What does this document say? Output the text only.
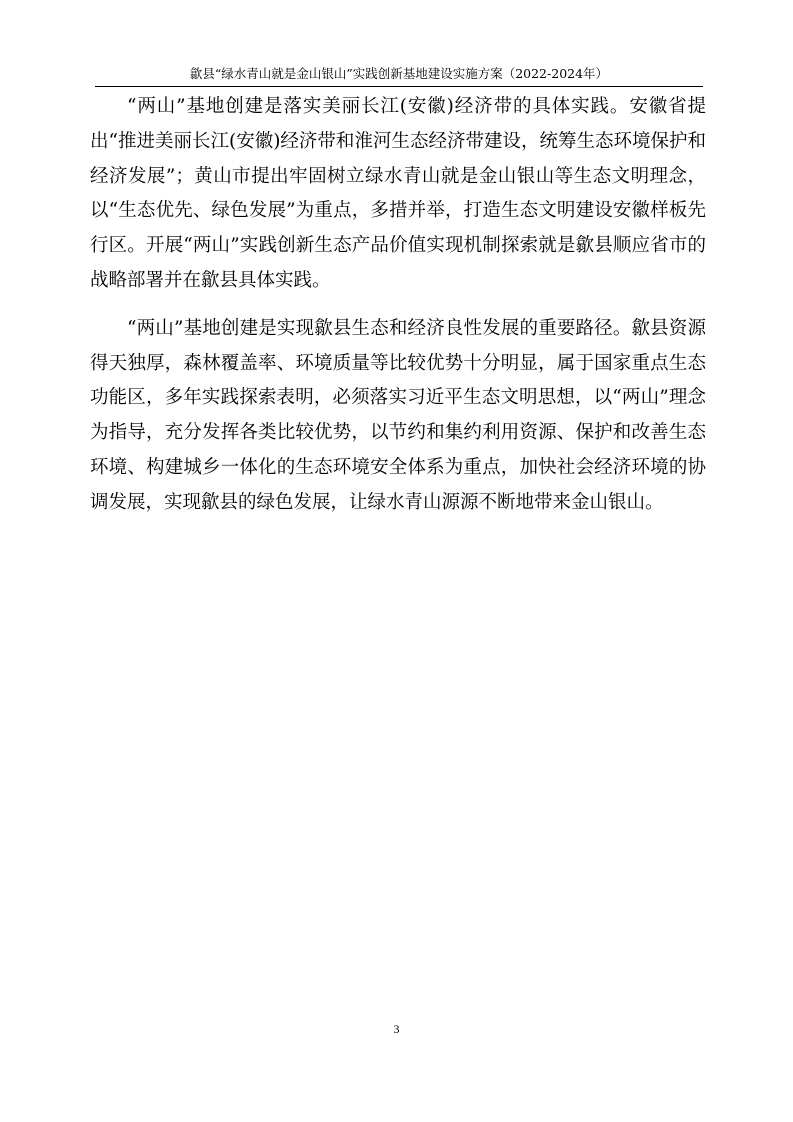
歙县“绿水青山就是金山银山”实践创新基地建设实施方案（2022-2024年）

“两山”基地创建是落实美丽长江(安徽)经济带的具体实践。安徽省提出“推进美丽长江(安徽)经济带和淮河生态经济带建设，统筹生态环境保护和经济发展”；黄山市提出牢固树立绿水青山就是金山银山等生态文明理念，以“生态优先、绿色发展”为重点，多措并举，打造生态文明建设安徽样板先行区。开展“两山”实践创新生态产品价值实现机制探索就是歙县顺应省市的战略部署并在歙县具体实践。

“两山”基地创建是实现歙县生态和经济良性发展的重要路径。歙县资源得天独厚，森林覆盖率、环境质量等比较优势十分明显，属于国家重点生态功能区，多年实践探索表明，必须落实习近平生态文明思想，以“两山”理念为指导，充分发挥各类比较优势，以节约和集约利用资源、保护和改善生态环境、构建城乡一体化的生态环境安全体系为重点，加快社会经济环境的协调发展，实现歙县的绿色发展，让绿水青山源源不断地带来金山银山。

3
